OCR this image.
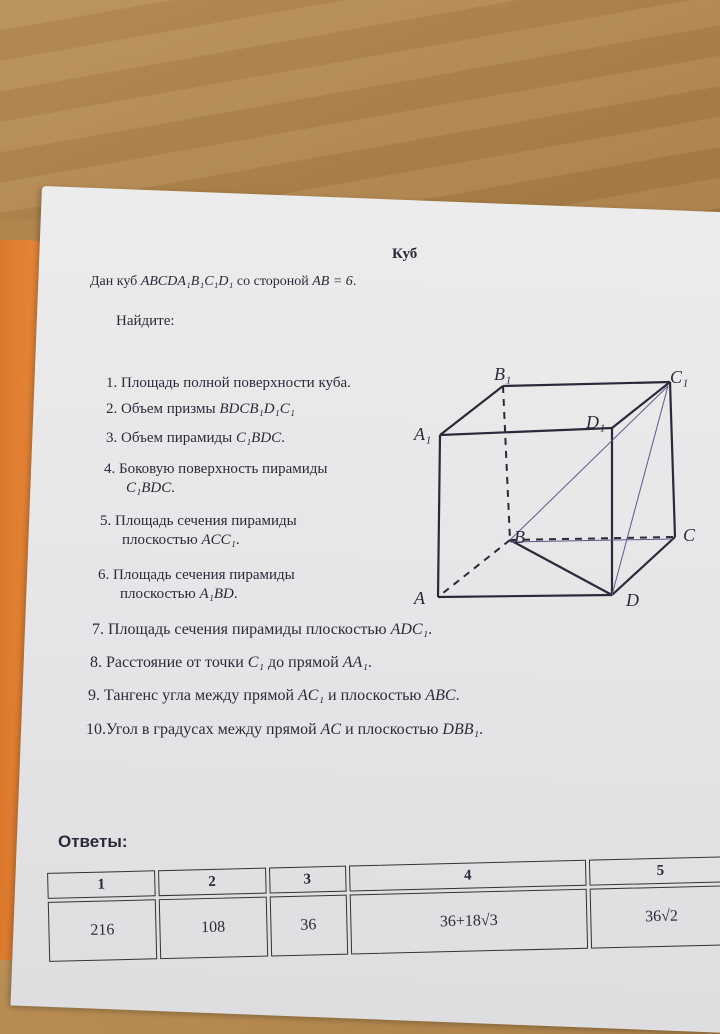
Куб
Дан куб ABCDA₁B₁C₁D₁ со стороной AB = 6.
Найдите:
1. Площадь полной поверхности куба.
2. Объем призмы BDCB₁D₁C₁
3. Объем пирамиды C₁BDC.
4. Боковую поверхность пирамиды
C₁BDC.
5. Площадь сечения пирамиды
плоскостью ACC₁.
6. Площадь сечения пирамиды
плоскостью A₁BD.
7. Площадь сечения пирамиды плоскостью ADC₁.
8. Расстояние от точки C₁ до прямой AA₁.
9. Тангенс угла между прямой AC₁ и плоскостью ABC.
10.Угол в градусах между прямой AC и плоскостью DBB₁.
A₁
B₁	C₁
D₁
A
B	C
D
Ответы:
1	2	3	4	5
216	108	36	36+18√3	36√2
